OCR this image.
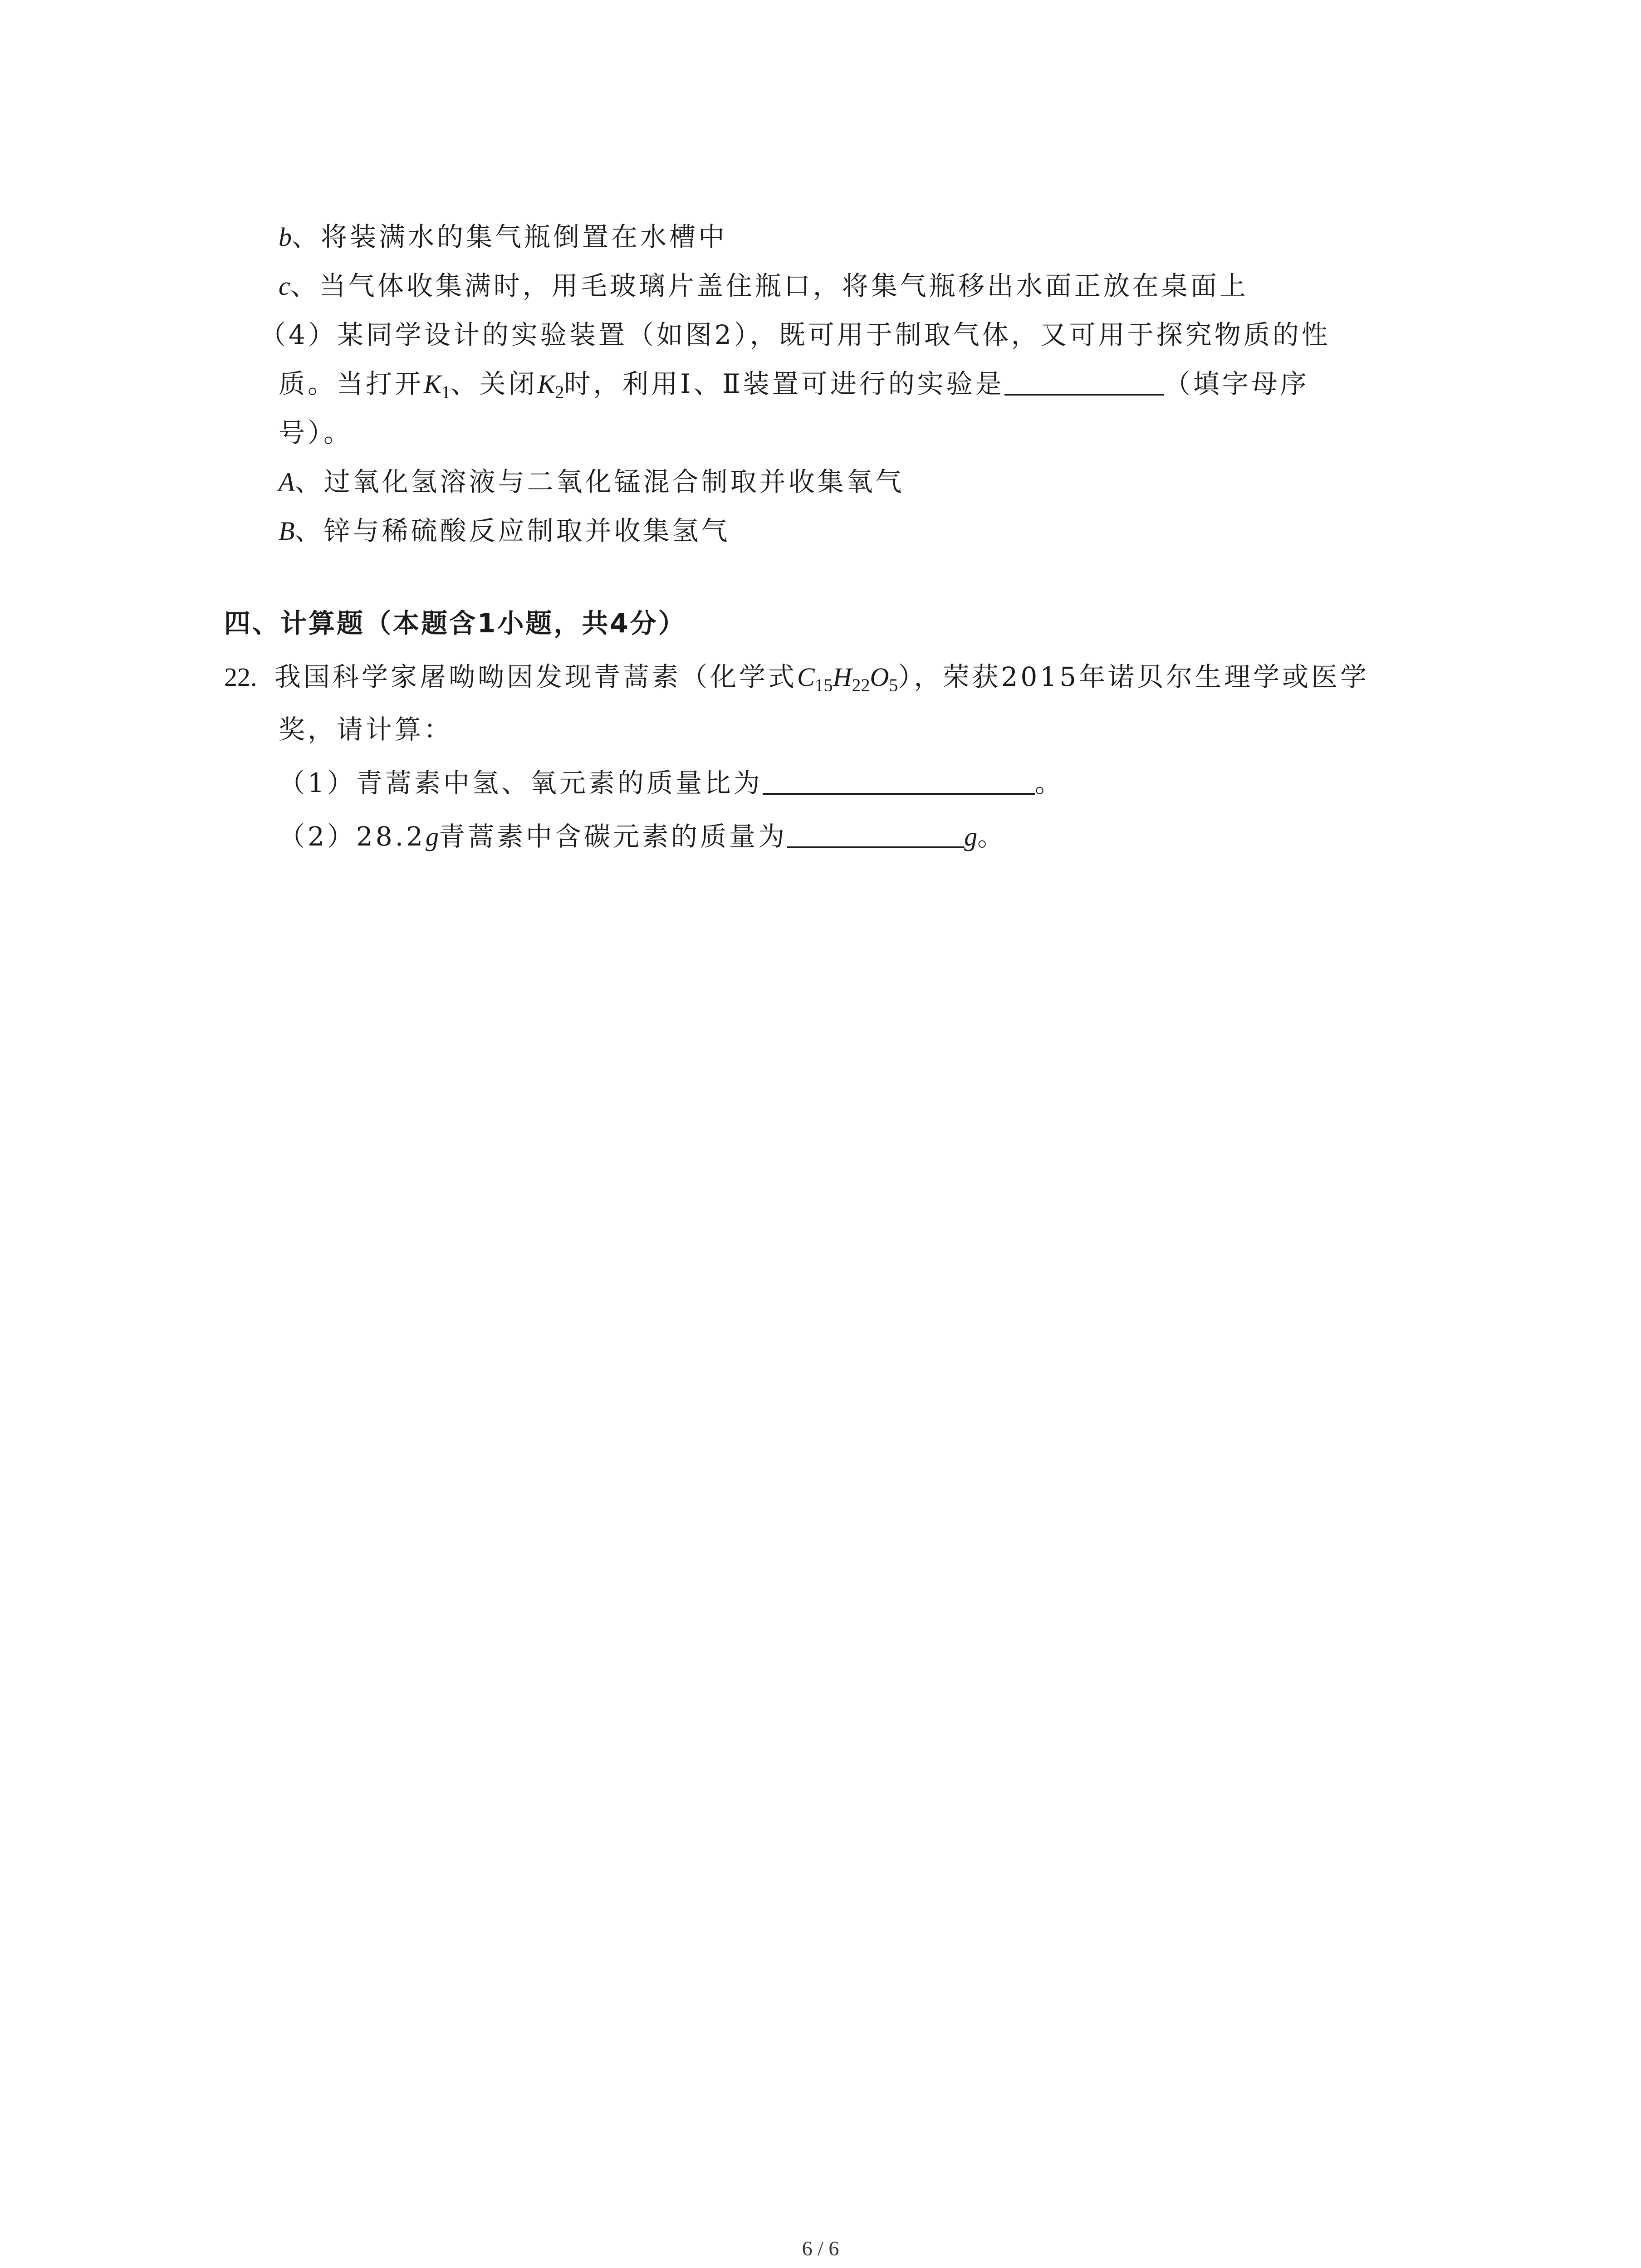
b、将装满水的集气瓶倒置在水槽中
c、当气体收集满时，用毛玻璃片盖住瓶口，将集气瓶移出水面正放在桌面上
（4）某同学设计的实验装置（如图2），既可用于制取气体，又可用于探究物质的性
质。当打开$K_1$、关闭$K_2$时，利用Ⅰ、Ⅱ装置可进行的实验是	（填字母序
号）。
A、过氧化氢溶液与二氧化锰混合制取并收集氧气
B、锌与稀硫酸反应制取并收集氢气
四、计算题（本题含1小题，共4分）
22. 我国科学家屠呦呦因发现青蒿素（化学式$C_{15}H_{22}O_5$），荣获2015年诺贝尔生理学或医学
奖，请计算：
（1）青蒿素中氢、氧元素的质量比为	。
（2）28.2g青蒿素中含碳元素的质量为	g。
6 / 6
